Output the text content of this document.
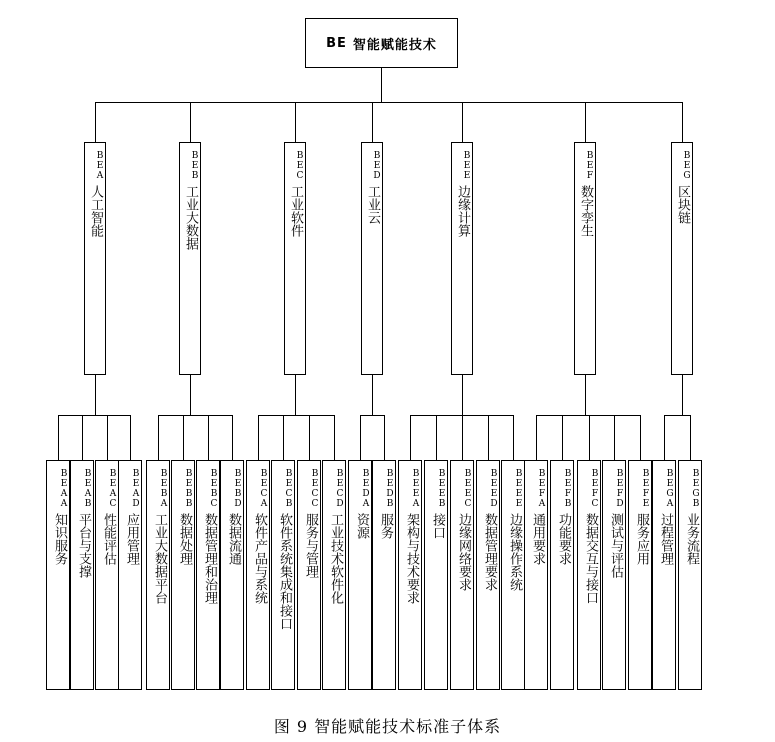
BE 智能赋能技术
BEA
人工智能
BEAA
知识服务
BEAB
平台与支撑
BEAC
性能评估
BEAD
应用管理
BEB
工业大数据
BEBA
工业大数据平台
BEBB
数据处理
BEBC
数据管理和治理
BEBD
数据流通
BEC
工业软件
BECA
软件产品与系统
BECB
软件系统集成和接口
BECC
服务与管理
BECD
工业技术软件化
BED
工业云
BEDA
资源
BEDB
服务
BEE
边缘计算
BEEA
架构与技术要求
BEEB
接口
BEEC
边缘网络要求
BEED
数据管理要求
BEEE
边缘操作系统
BEF
数字孪生
BEFA
通用要求
BEFB
功能要求
BEFC
数据交互与接口
BEFD
测试与评估
BEFE
服务应用
BEG
区块链
BEGA
过程管理
BEGB
业务流程
图 9 智能赋能技术标准子体系
